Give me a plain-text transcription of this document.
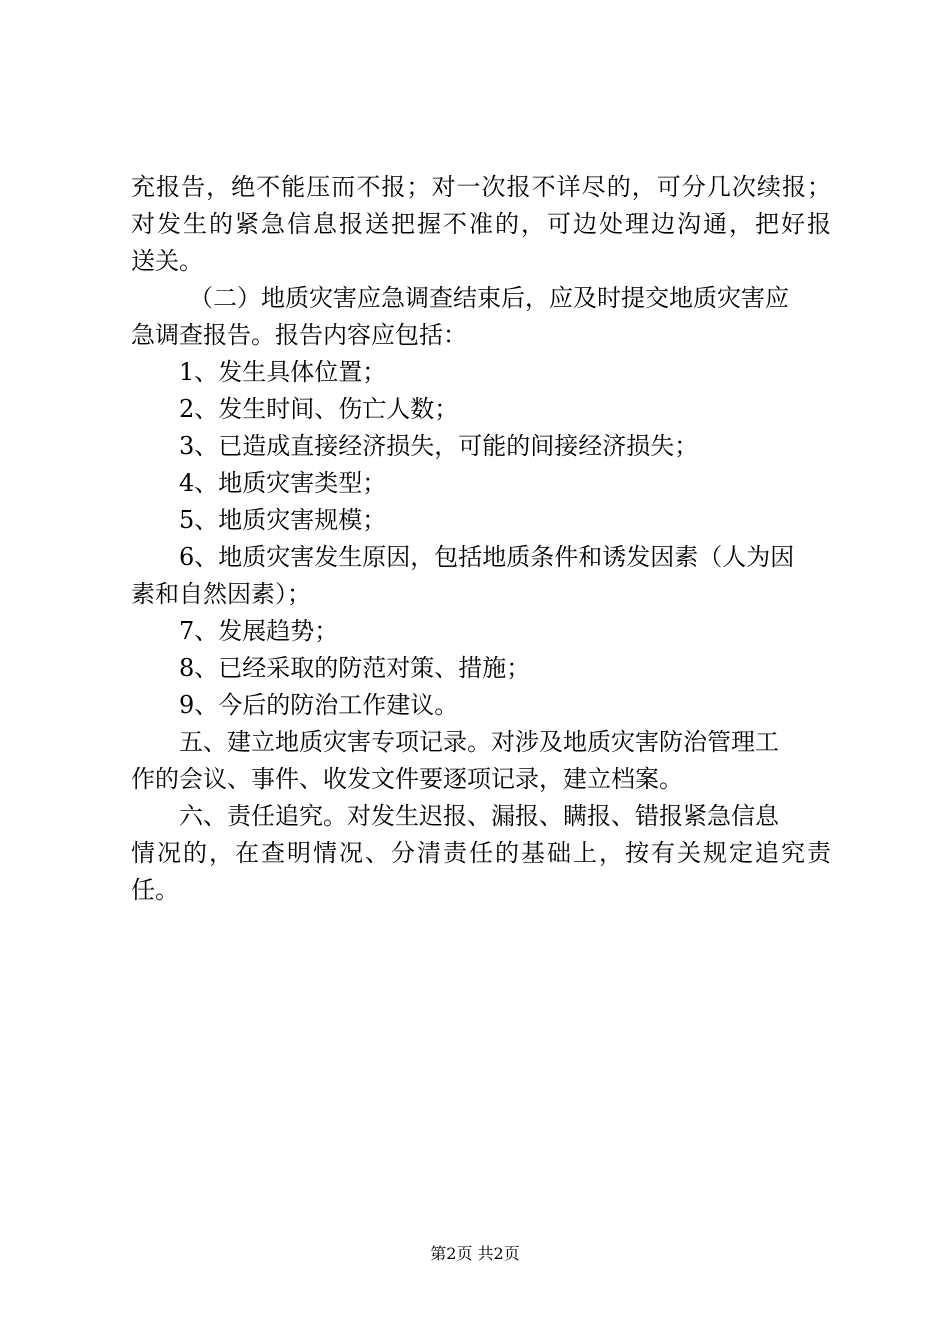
充报告，绝不能压而不报；对一次报不详尽的，可分几次续报；
对发生的紧急信息报送把握不准的，可边处理边沟通，把好报
送关。
（二）地质灾害应急调查结束后，应及时提交地质灾害应
急调查报告。报告内容应包括：
1、发生具体位置；
2、发生时间、伤亡人数；
3、已造成直接经济损失，可能的间接经济损失；
4、地质灾害类型；
5、地质灾害规模；
6、地质灾害发生原因，包括地质条件和诱发因素（人为因
素和自然因素）；
7、发展趋势；
8、已经采取的防范对策、措施；
9、今后的防治工作建议。
五、建立地质灾害专项记录。对涉及地质灾害防治管理工
作的会议、事件、收发文件要逐项记录，建立档案。
六、责任追究。对发生迟报、漏报、瞒报、错报紧急信息
情况的，在查明情况、分清责任的基础上，按有关规定追究责
任。
第2页 共2页
